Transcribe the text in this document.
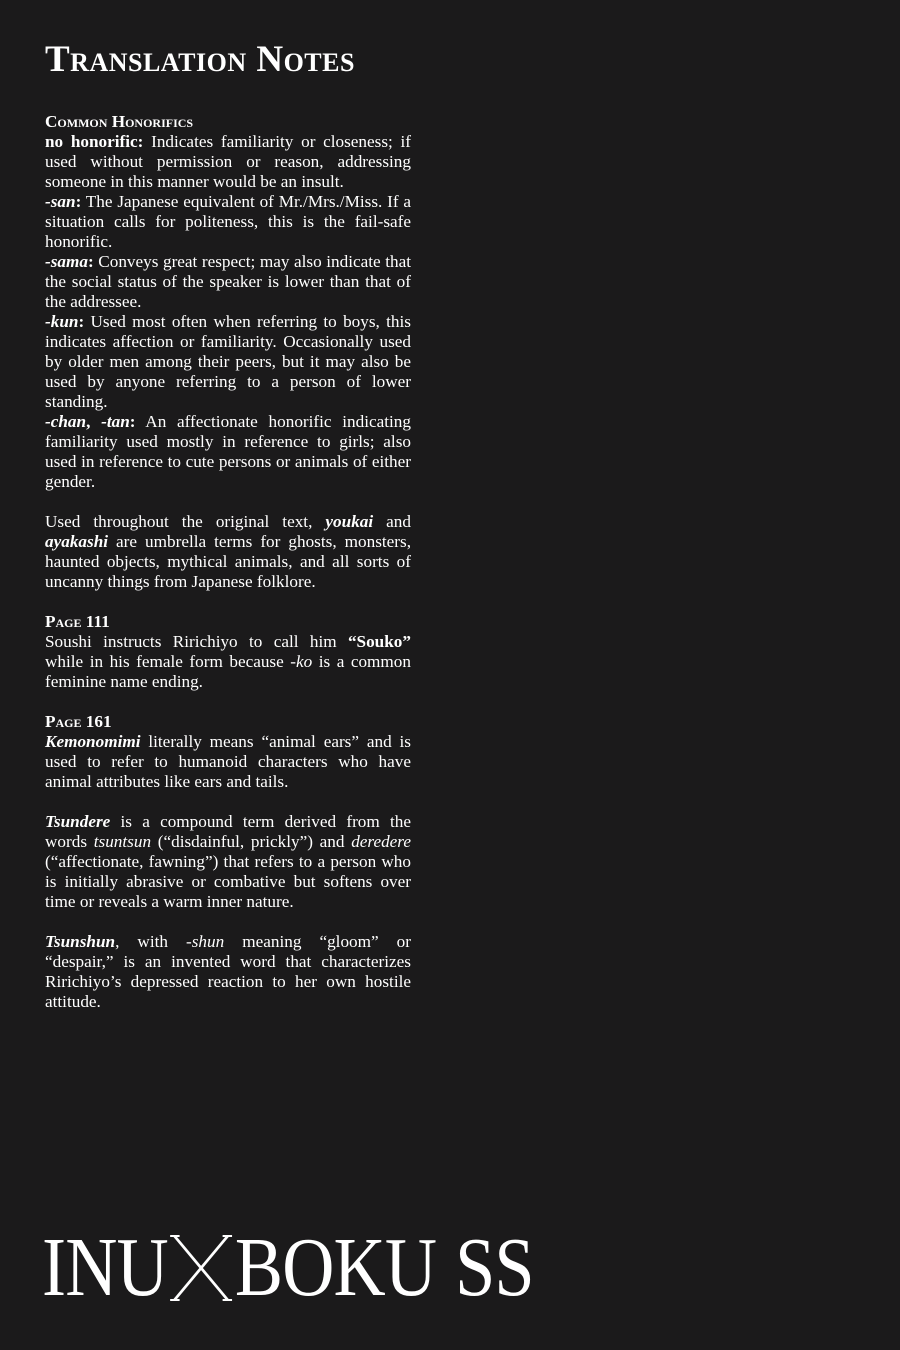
Translation Notes
Common Honorifics

no honorific: Indicates familiarity or closeness; if used without permission or reason, addressing someone in this manner would be an insult.

-san: The Japanese equivalent of Mr./Mrs./Miss. If a situation calls for politeness, this is the fail-safe honorific.

-sama: Conveys great respect; may also indicate that the social status of the speaker is lower than that of the addressee.

-kun: Used most often when referring to boys, this indicates affection or familiarity. Occasionally used by older men among their peers, but it may also be used by anyone referring to a person of lower standing.

-chan, -tan: An affectionate honorific indicating familiarity used mostly in reference to girls; also used in reference to cute persons or animals of either gender.

Used throughout the original text, youkai and ayakashi are umbrella terms for ghosts, monsters, haunted objects, mythical animals, and all sorts of uncanny things from Japanese folklore.

Page 111

Soushi instructs Ririchiyo to call him “Souko” while in his female form because -ko is a common feminine name ending.

Page 161

Kemonomimi literally means “animal ears” and is used to refer to humanoid characters who have animal attributes like ears and tails.

Tsundere is a compound term derived from the words tsuntsun (“disdainful, prickly”) and deredere (“affectionate, fawning”) that refers to a person who is initially abrasive or combative but softens over time or reveals a warm inner nature.

Tsunshun, with -shun meaning “gloom” or “despair,” is an invented word that characterizes Ririchiyo’s depressed reaction to her own hostile attitude.

INU BOKU SS
